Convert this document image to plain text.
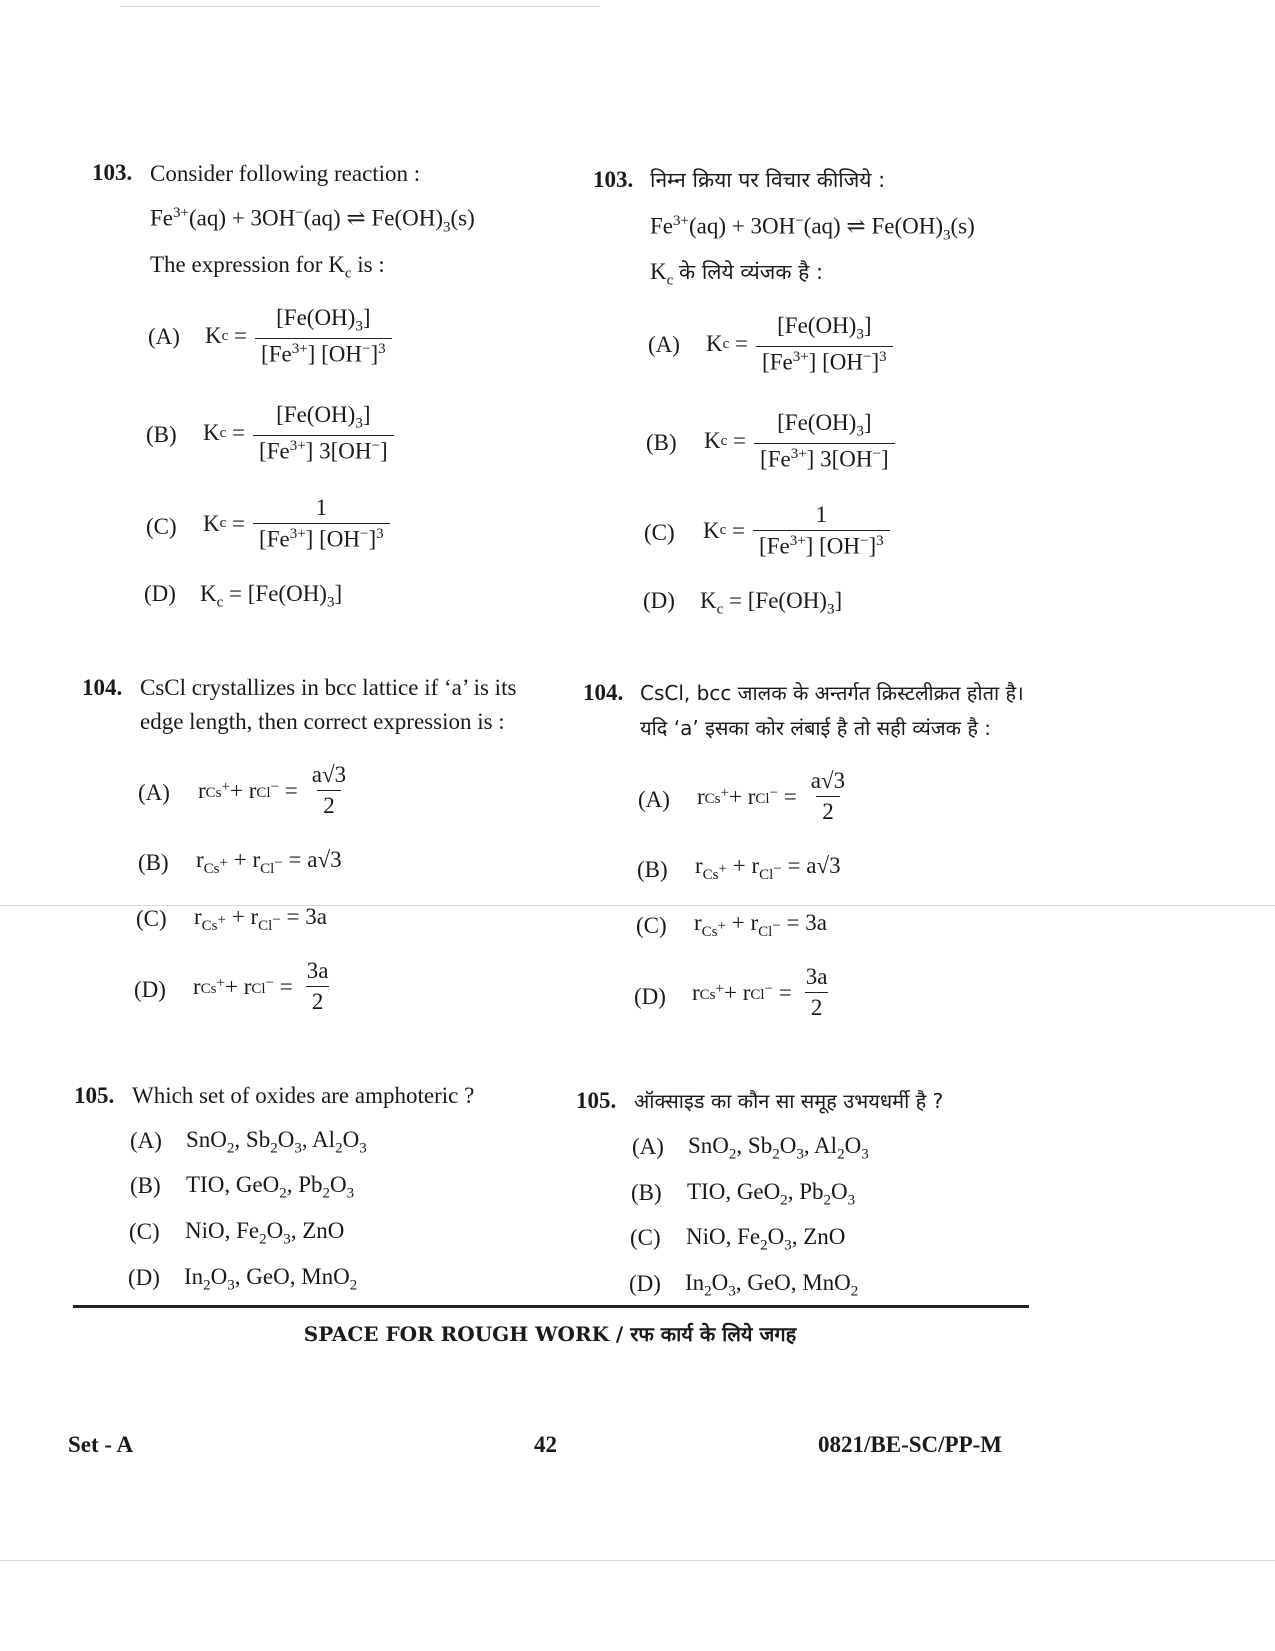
103. Consider following reaction :
$Fe^{3+}(aq) + 3OH^-(aq)$ ⇌ $Fe(OH)_3(s)$
The expression for $K_c$ is :
(A) K $c = \frac{[Fe(OH)_3]}{[Fe^{3+}] [OH^-]^3}$
(B) K $c = \frac{[Fe(OH)_3]}{[Fe^{3+}] 3[OH^-]}$
(C) K $c = \frac{1}{[Fe^{3+}] [OH^-]^3}$
(D) $K_c = [Fe(OH)_3]$
104. CsCl crystallizes in bcc lattice if ‘a’ is its
edge length, then correct expression is :
(A) r Cs+ + r $Cl^- = \frac{a√3}{2}$
(B) $r_{Cs^+} + r_{Cl^-} = a√3$
(C) $r_{Cs^+} + r_{Cl^-} = 3a$
(D) r Cs+ + r $Cl^- = \frac{3a}{2}$
105. Which set of oxides are amphoteric ?
(A) SnO$_2$, $Sb_2O_3$, $Al_2O_3$
(B) TIO, GeO$_2$, $Pb_2O_3$
(C) NiO, $Fe_2O_3$, ZnO
(D) $In_2O_3$, GeO, MnO$_2$
103. निम्न क्रिया पर विचार कीजिये :
$Fe^{3+}(aq) + 3OH^-(aq)$ ⇌ $Fe(OH)_3(s)$
$K_c$ के लिये व्यंजक है :
(A) K $c = \frac{[Fe(OH)_3]}{[Fe^{3+}] [OH^-]^3}$
(B) K $c = \frac{[Fe(OH)_3]}{[Fe^{3+}] 3[OH^-]}$
(C) K $c = \frac{1}{[Fe^{3+}] [OH^-]^3}$
(D) $K_c = [Fe(OH)_3]$
104. CsCl, bcc जालक के अन्तर्गत क्रिस्टलीक्रत होता है।
यदि ‘a’ इसका कोर लंबाई है तो सही व्यंजक है :
(A) r Cs+ + r $Cl^- = \frac{a√3}{2}$
(B) $r_{Cs^+} + r_{Cl^-} = a√3$
(C) $r_{Cs^+} + r_{Cl^-} = 3a$
(D) r Cs+ + r $Cl^- = \frac{3a}{2}$
105. ऑक्साइड का कौन सा समूह उभयधर्मी है ?
(A) SnO$_2$, $Sb_2O_3$, $Al_2O_3$
(B) TIO, GeO$_2$, $Pb_2O_3$
(C) NiO, $Fe_2O_3$, ZnO
(D) $In_2O_3$, GeO, MnO$_2$
SPACE FOR ROUGH WORK / रफ कार्य के लिये जगह
Set - A	42	0821/BE-SC/PP-M
